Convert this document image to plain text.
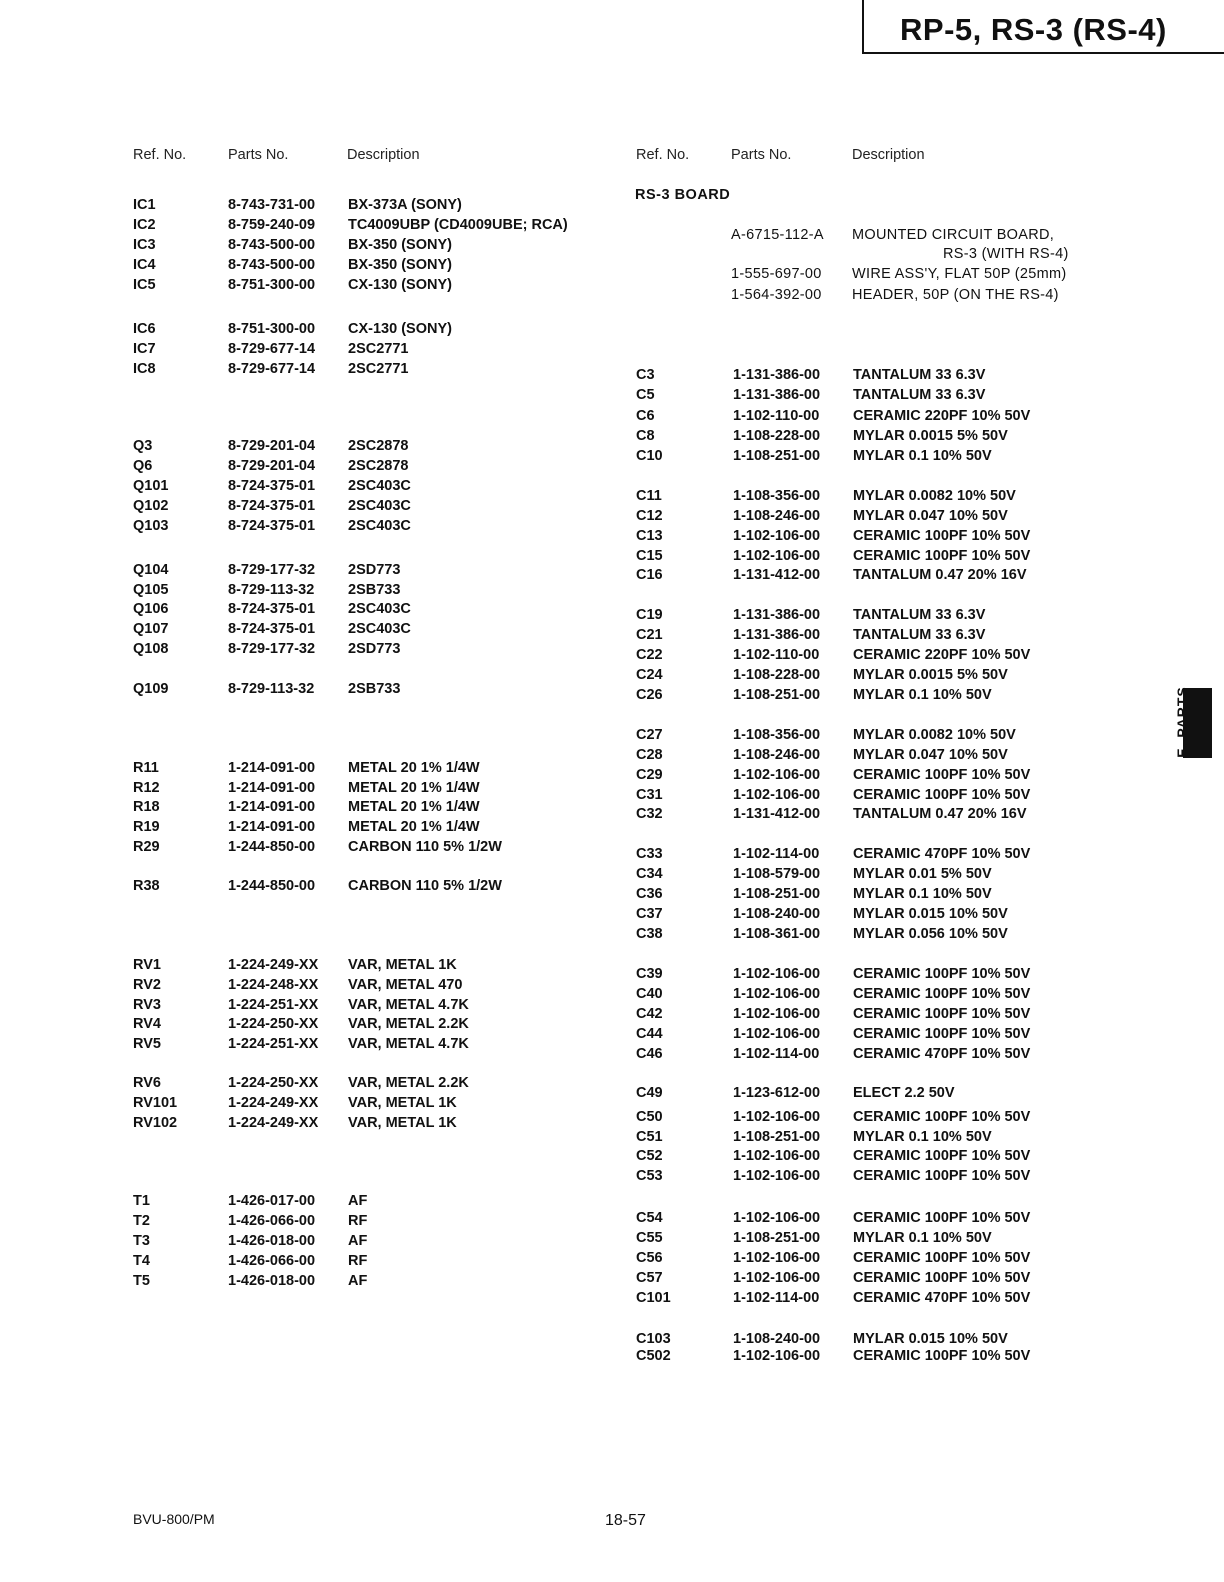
RP-5, RS-3 (RS-4)
Ref. No.	Parts No.	Description	Ref. No.	Parts No.	Description
IC1	8-743-731-00 BX-373A (SONY)
IC2	8-759-240-09 TC4009UBP (CD4009UBE; RCA)
IC3	8-743-500-00 BX-350 (SONY)
IC4	8-743-500-00 BX-350 (SONY)
IC5	8-751-300-00 CX-130 (SONY)
IC6	8-751-300-00 CX-130 (SONY)
IC7	8-729-677-14 2SC2771
IC8	8-729-677-14 2SC2771
Q3	8-729-201-04 2SC2878
Q6	8-729-201-04 2SC2878
Q101	8-724-375-01 2SC403C
Q102	8-724-375-01 2SC403C
Q103	8-724-375-01 2SC403C
Q104	8-729-177-32 2SD773
Q105	8-729-113-32 2SB733
Q106	8-724-375-01 2SC403C
Q107	8-724-375-01 2SC403C
Q108	8-729-177-32 2SD773
Q109	8-729-113-32 2SB733
R11	1-214-091-00 METAL 20 1% 1/4W
R12	1-214-091-00 METAL 20 1% 1/4W
R18	1-214-091-00 METAL 20 1% 1/4W
R19	1-214-091-00 METAL 20 1% 1/4W
R29	1-244-850-00 CARBON 110 5% 1/2W
R38	1-244-850-00 CARBON 110 5% 1/2W
RV1	1-224-249-XX VAR, METAL 1K
RV2	1-224-248-XX VAR, METAL 470
RV3	1-224-251-XX VAR, METAL 4.7K
RV4	1-224-250-XX VAR, METAL 2.2K
RV5	1-224-251-XX VAR, METAL 4.7K
RV6	1-224-250-XX VAR, METAL 2.2K
RV101	1-224-249-XX VAR, METAL 1K
RV102	1-224-249-XX VAR, METAL 1K
T1	1-426-017-00 AF
T2	1-426-066-00 RF
T3	1-426-018-00 AF
T4	1-426-066-00 RF
T5	1-426-018-00 AF
RS-3 BOARD
A-6715-112-A MOUNTED CIRCUIT BOARD,
RS-3 (WITH RS-4)
1-555-697-00 WIRE ASS'Y, FLAT 50P (25mm)
1-564-392-00 HEADER, 50P (ON THE RS-4)
C3	1-131-386-00 TANTALUM 33 6.3V
C5	1-131-386-00 TANTALUM 33 6.3V
C6	1-102-110-00 CERAMIC 220PF 10% 50V
C8	1-108-228-00 MYLAR 0.0015 5% 50V
C10	1-108-251-00 MYLAR 0.1 10% 50V
C11	1-108-356-00 MYLAR 0.0082 10% 50V
C12	1-108-246-00 MYLAR 0.047 10% 50V
C13	1-102-106-00 CERAMIC 100PF 10% 50V
C15	1-102-106-00 CERAMIC 100PF 10% 50V
C16	1-131-412-00 TANTALUM 0.47 20% 16V
C19	1-131-386-00 TANTALUM 33 6.3V
C21	1-131-386-00 TANTALUM 33 6.3V
C22	1-102-110-00 CERAMIC 220PF 10% 50V
C24	1-108-228-00 MYLAR 0.0015 5% 50V
C26	1-108-251-00 MYLAR 0.1 10% 50V
C27	1-108-356-00 MYLAR 0.0082 10% 50V
C28	1-108-246-00 MYLAR 0.047 10% 50V
C29	1-102-106-00 CERAMIC 100PF 10% 50V
C31	1-102-106-00 CERAMIC 100PF 10% 50V
C32	1-131-412-00 TANTALUM 0.47 20% 16V
C33	1-102-114-00 CERAMIC 470PF 10% 50V
C34	1-108-579-00 MYLAR 0.01 5% 50V
C36	1-108-251-00 MYLAR 0.1 10% 50V
C37	1-108-240-00 MYLAR 0.015 10% 50V
C38	1-108-361-00 MYLAR 0.056 10% 50V
C39	1-102-106-00 CERAMIC 100PF 10% 50V
C40	1-102-106-00 CERAMIC 100PF 10% 50V
C42	1-102-106-00 CERAMIC 100PF 10% 50V
C44	1-102-106-00 CERAMIC 100PF 10% 50V
C46	1-102-114-00 CERAMIC 470PF 10% 50V
C49	1-123-612-00 ELECT 2.2 50V
C50	1-102-106-00 CERAMIC 100PF 10% 50V
C51	1-108-251-00 MYLAR 0.1 10% 50V
C52	1-102-106-00 CERAMIC 100PF 10% 50V
C53	1-102-106-00 CERAMIC 100PF 10% 50V
C54	1-102-106-00 CERAMIC 100PF 10% 50V
C55	1-108-251-00 MYLAR 0.1 10% 50V
C56	1-102-106-00 CERAMIC 100PF 10% 50V
C57	1-102-106-00 CERAMIC 100PF 10% 50V
C101	1-102-114-00 CERAMIC 470PF 10% 50V
C103	1-108-240-00 MYLAR 0.015 10% 50V
C502	1-102-106-00 CERAMIC 100PF 10% 50V
E. PARTS
BVU-800/PM	18-57
